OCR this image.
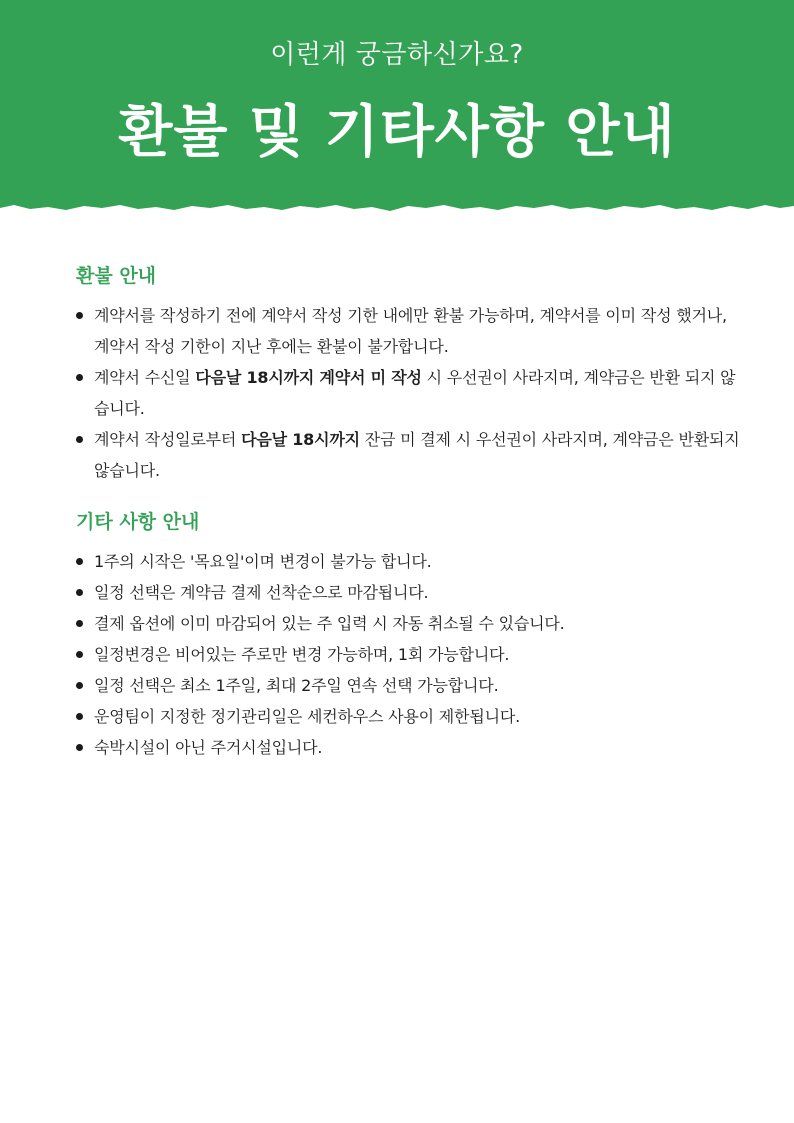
이런게 궁금하신가요?
환불 및 기타사항 안내
환불 안내
계약서를 작성하기 전에 계약서 작성 기한 내에만 환불 가능하며, 계약서를 이미 작성 했거나, 계약서 작성 기한이 지난 후에는 환불이 불가합니다.
계약서 수신일 다음날 18시까지 계약서 미 작성 시 우선권이 사라지며, 계약금은 반환 되지 않습니다.
계약서 작성일로부터 다음날 18시까지 잔금 미 결제 시 우선권이 사라지며, 계약금은 반환되지 않습니다.
기타 사항 안내
1주의 시작은 '목요일'이며 변경이 불가능 합니다.
일정 선택은 계약금 결제 선착순으로 마감됩니다.
결제 옵션에 이미 마감되어 있는 주 입력 시 자동 취소될 수 있습니다.
일정변경은 비어있는 주로만 변경 가능하며, 1회 가능합니다.
일정 선택은 최소 1주일, 최대 2주일 연속 선택 가능합니다.
운영팀이 지정한 정기관리일은 세컨하우스 사용이 제한됩니다.
숙박시설이 아닌 주거시설입니다.
